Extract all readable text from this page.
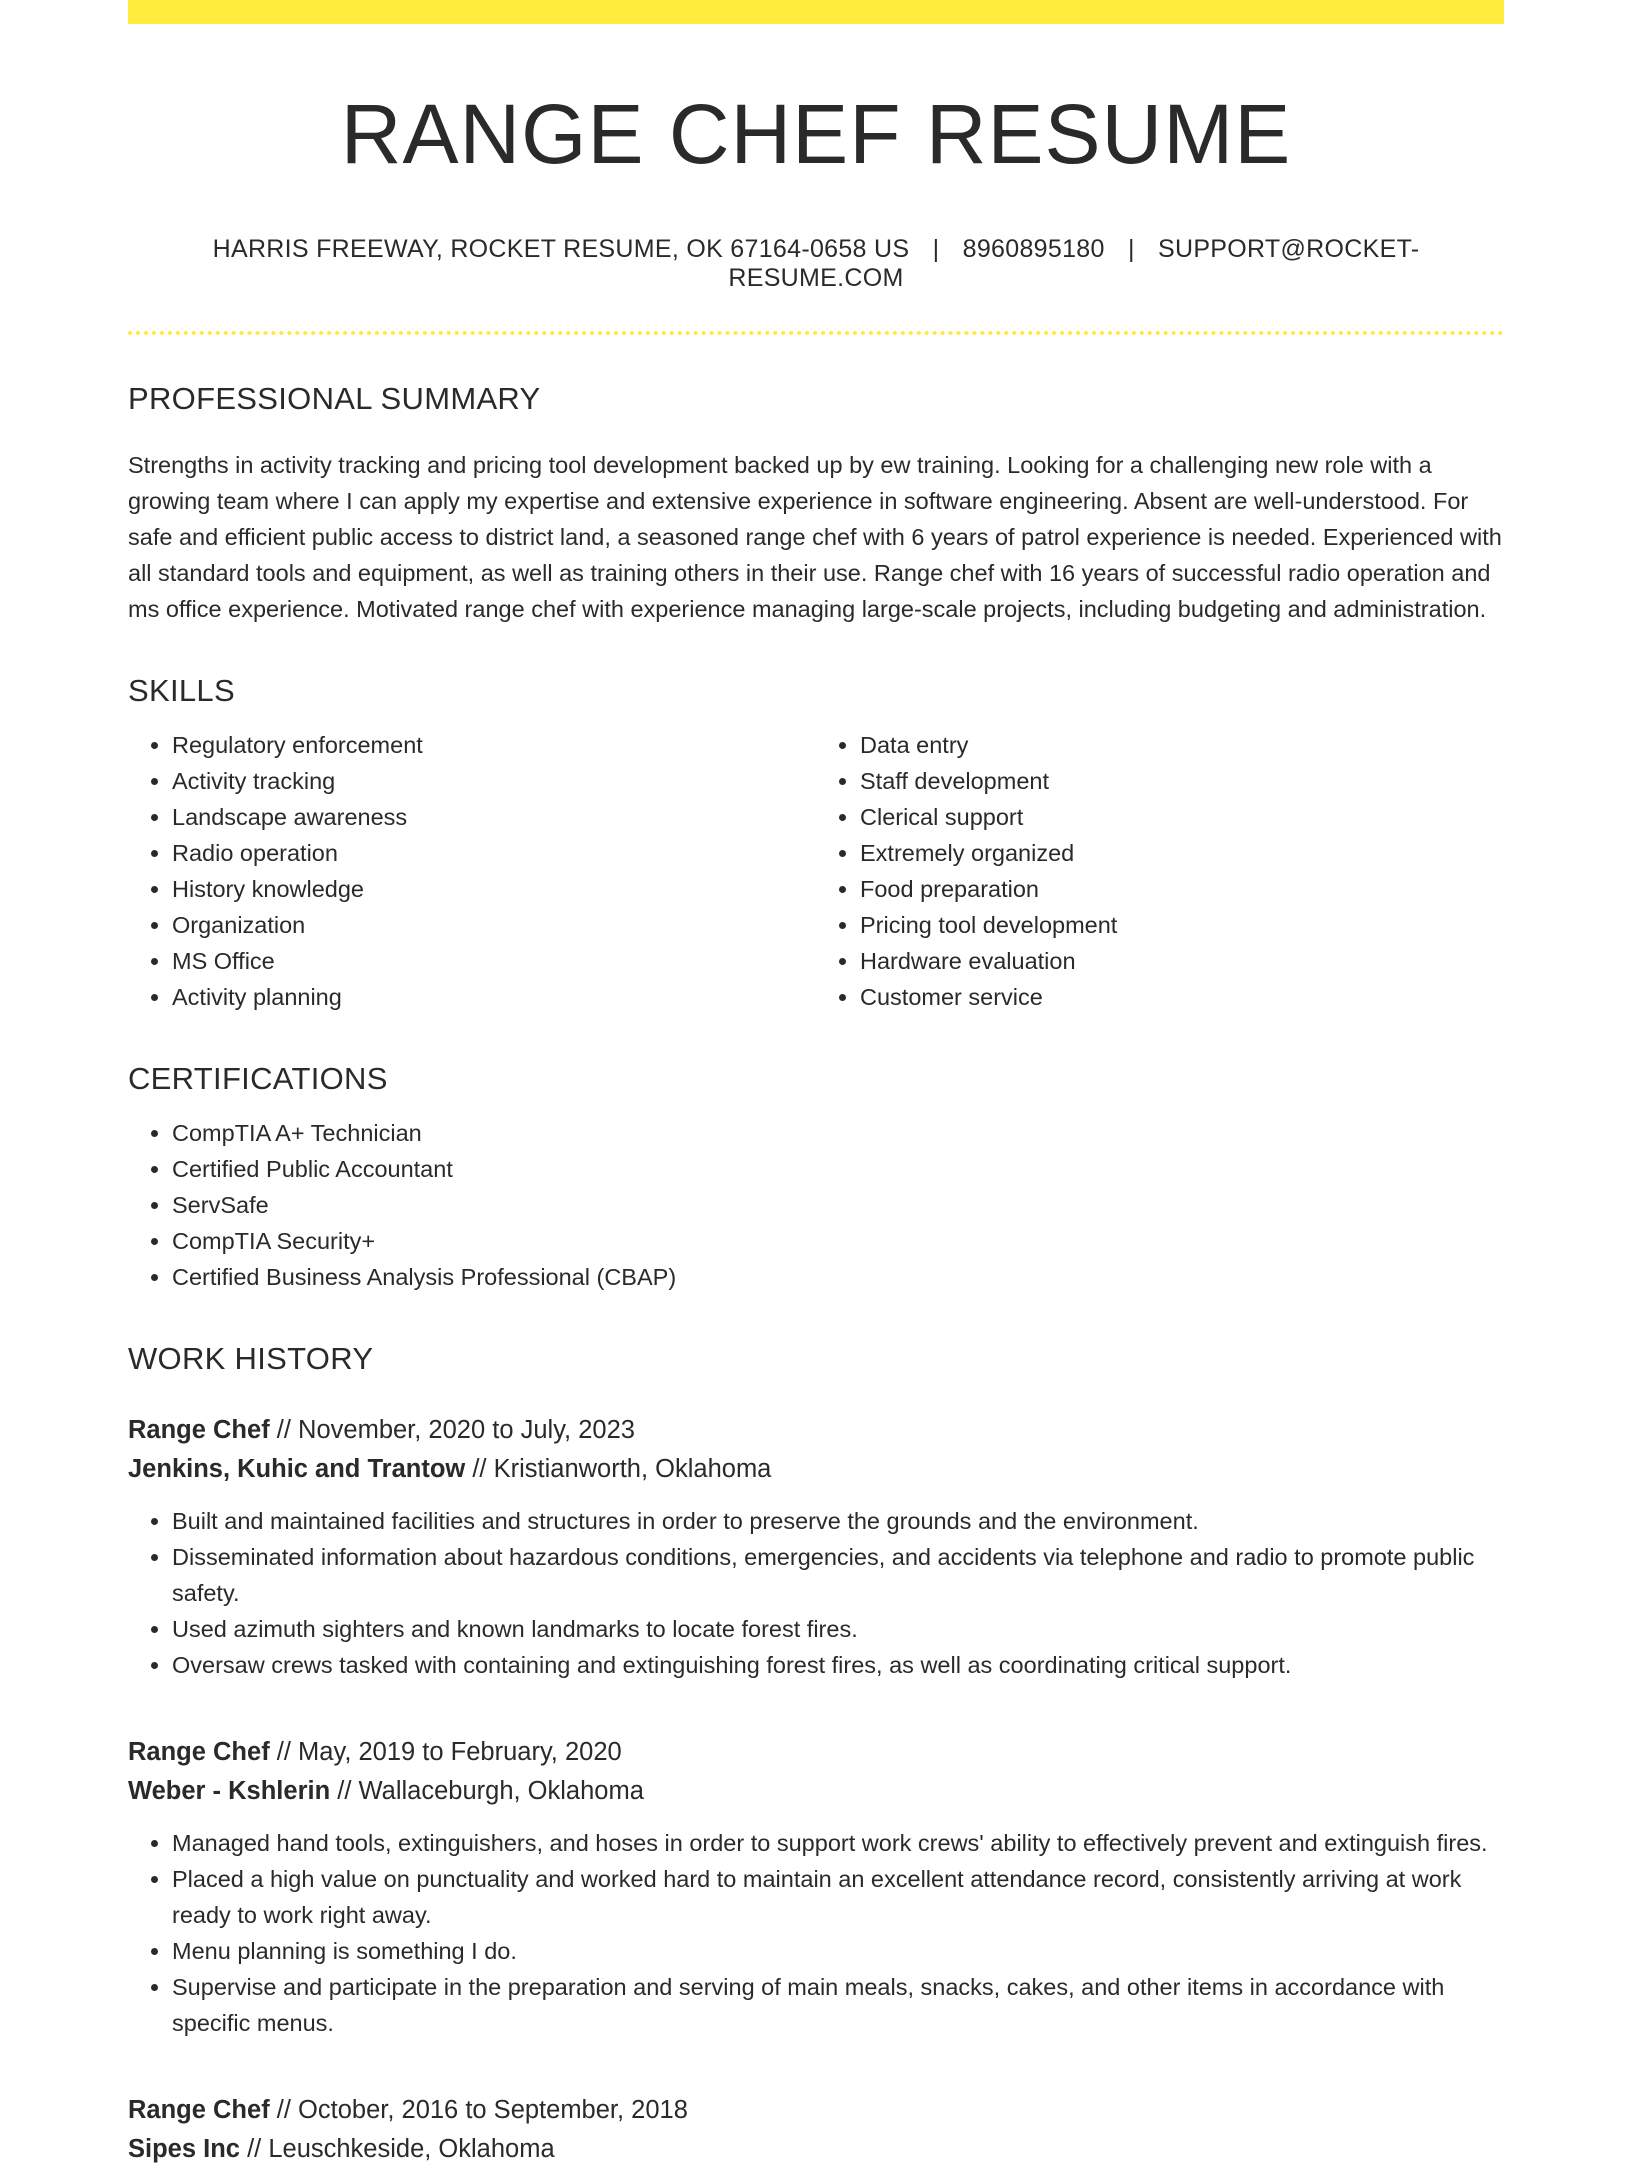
RANGE CHEF RESUME
HARRIS FREEWAY, ROCKET RESUME, OK 67164-0658 US | 8960895180 | SUPPORT@ROCKET-RESUME.COM
PROFESSIONAL SUMMARY
Strengths in activity tracking and pricing tool development backed up by ew training. Looking for a challenging new role with a growing team where I can apply my expertise and extensive experience in software engineering. Absent are well-understood. For safe and efficient public access to district land, a seasoned range chef with 6 years of patrol experience is needed. Experienced with all standard tools and equipment, as well as training others in their use. Range chef with 16 years of successful radio operation and ms office experience. Motivated range chef with experience managing large-scale projects, including budgeting and administration.
SKILLS
• Regulatory enforcement
• Activity tracking
• Landscape awareness
• Radio operation
• History knowledge
• Organization
• MS Office
• Activity planning
• Data entry
• Staff development
• Clerical support
• Extremely organized
• Food preparation
• Pricing tool development
• Hardware evaluation
• Customer service
CERTIFICATIONS
• CompTIA A+ Technician
• Certified Public Accountant
• ServSafe
• CompTIA Security+
• Certified Business Analysis Professional (CBAP)
WORK HISTORY
Range Chef // November, 2020 to July, 2023
Jenkins, Kuhic and Trantow // Kristianworth, Oklahoma
• Built and maintained facilities and structures in order to preserve the grounds and the environment.
• Disseminated information about hazardous conditions, emergencies, and accidents via telephone and radio to promote public safety.
• Used azimuth sighters and known landmarks to locate forest fires.
• Oversaw crews tasked with containing and extinguishing forest fires, as well as coordinating critical support.
Range Chef // May, 2019 to February, 2020
Weber - Kshlerin // Wallaceburgh, Oklahoma
• Managed hand tools, extinguishers, and hoses in order to support work crews' ability to effectively prevent and extinguish fires.
• Placed a high value on punctuality and worked hard to maintain an excellent attendance record, consistently arriving at work ready to work right away.
• Menu planning is something I do.
• Supervise and participate in the preparation and serving of main meals, snacks, cakes, and other items in accordance with specific menus.
Range Chef // October, 2016 to September, 2018
Sipes Inc // Leuschkeside, Oklahoma
